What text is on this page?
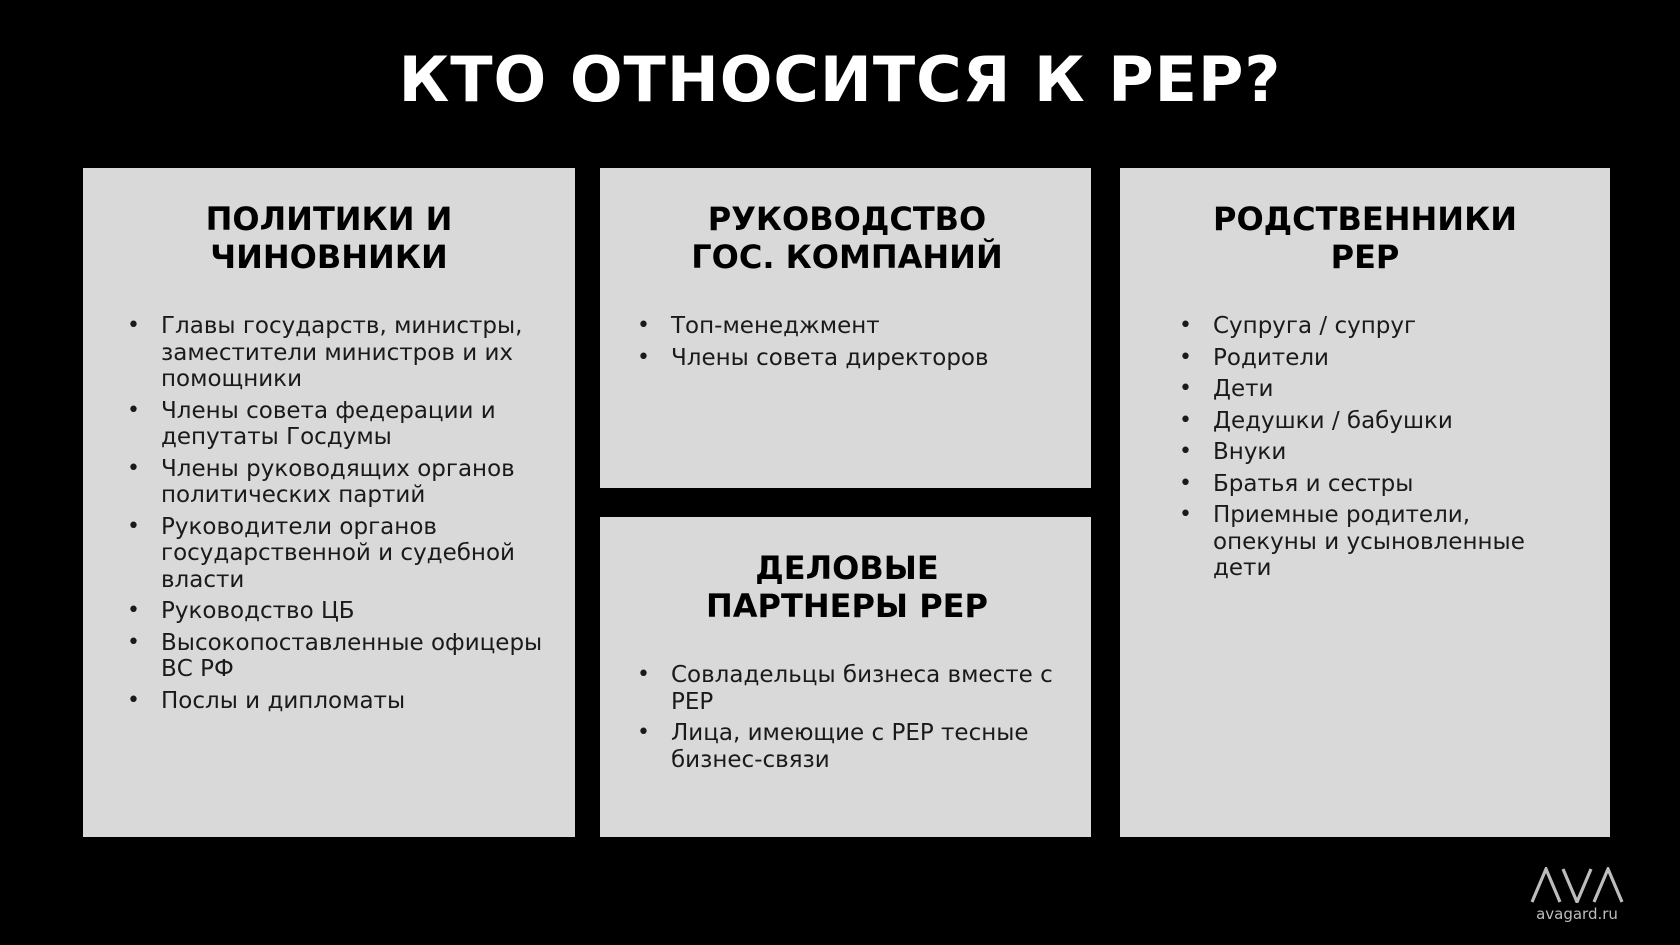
КТО ОТНОСИТСЯ К РЕР?
ПОЛИТИКИ И
ЧИНОВНИКИ
• Главы государств, министры, заместители министров и их помощники
• Члены совета федерации и депутаты Госдумы
• Члены руководящих органов политических партий
• Руководители органов государственной и судебной власти
• Руководство ЦБ
• Высокопоставленные офицеры ВС РФ
• Послы и дипломаты
РУКОВОДСТВО
ГОС. КОМПАНИЙ
• Топ-менеджмент
• Члены совета директоров
ДЕЛОВЫЕ
ПАРТНЕРЫ РЕР
• Совладельцы бизнеса вместе с РЕР
• Лица, имеющие с РЕР тесные бизнес-связи
РОДСТВЕННИКИ
РЕР
• Супруга / супруг
• Родители
• Дети
• Дедушки / бабушки
• Внуки
• Братья и сестры
• Приемные родители, опекуны и усыновленные дети
avagard.ru
